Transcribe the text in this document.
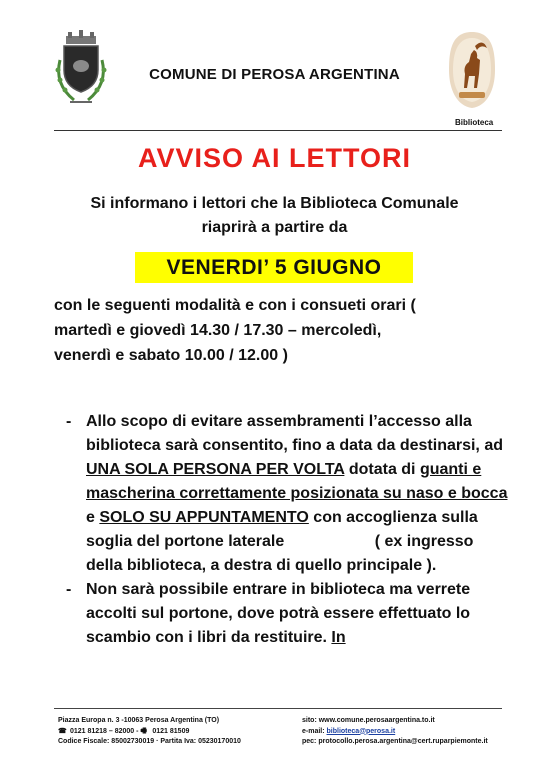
COMUNE DI PEROSA ARGENTINA
Biblioteca
AVVISO AI LETTORI
Si informano i lettori che la Biblioteca Comunale
riaprirà a partire da
VENERDI’ 5 GIUGNO
con le seguenti modalità e con i consueti orari (
martedì e giovedì 14.30 / 17.30 – mercoledì,
venerdì e sabato 10.00 / 12.00 )
- Allo scopo di evitare assembramenti l’accesso alla biblioteca sarà consentito, fino a data da destinarsi, ad UNA SOLA PERSONA PER VOLTA dotata di guanti e mascherina correttamente posizionata su naso e bocca e SOLO SU APPUNTAMENTO con accoglienza sulla soglia del portone laterale	( ex ingresso della biblioteca, a destra di quello principale ).
- Non sarà possibile entrare in biblioteca ma verrete accolti sul portone, dove potrà essere effettuato lo scambio con i libri da restituire. In
Piazza Europa n. 3 -10063 Perosa Argentina (TO)
☎ 0121 81218 – 82000 - 🖷 0121 81509
Codice Fiscale: 85002730019 · Partita Iva: 05230170010
sito: www.comune.perosaargentina.to.it
e-mail: biblioteca@perosa.it
pec: protocollo.perosa.argentina@cert.ruparpiemonte.it
